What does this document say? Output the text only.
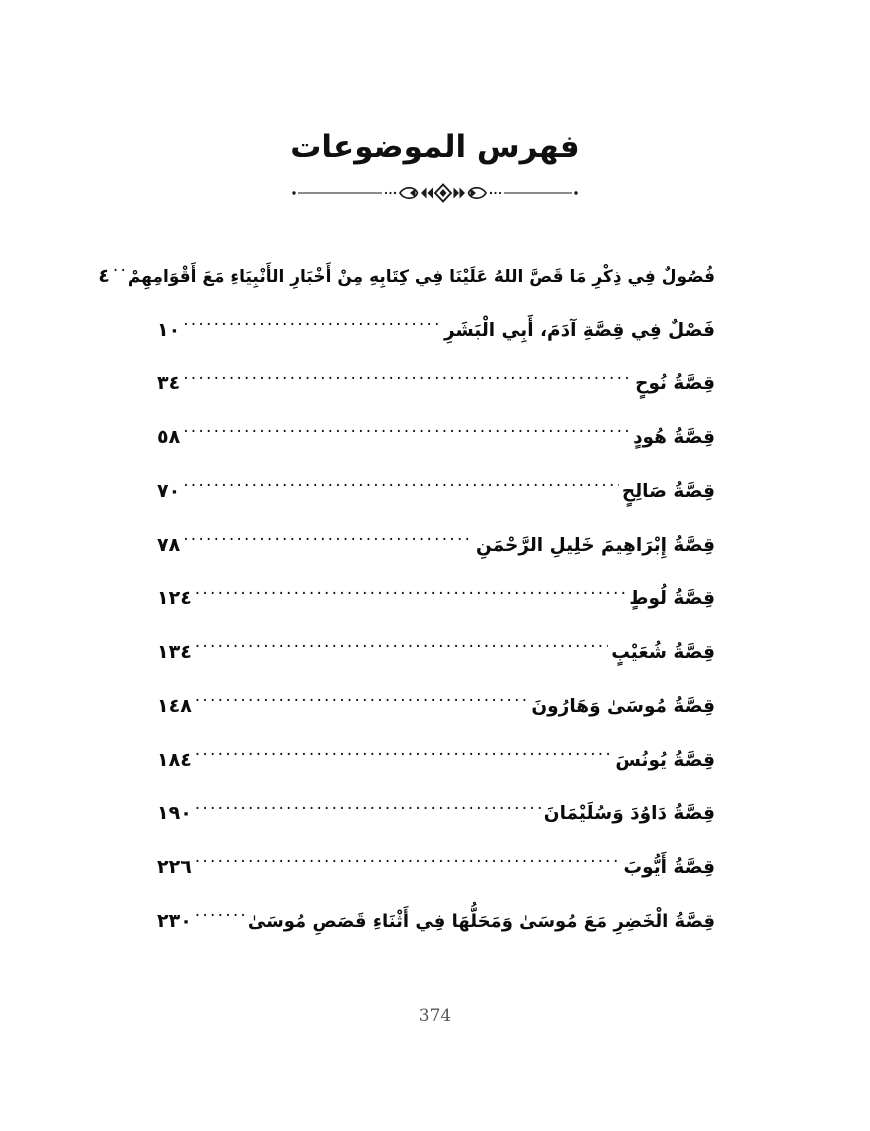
فهرس الموضوعات
فُصُولٌ فِي ذِكْرِ مَا قَصَّ اللهُ عَلَيْنَا فِي كِتَابِهِ مِنْ أَخْبَارِ الأَنْبِيَاءِ مَعَ أَقْوَامِهِمْ
.....
٤
فَصْلٌ فِي قِصَّةِ آدَمَ، أَبِي الْبَشَرِ
.....
١٠
قِصَّةُ نُوحٍ
.....
٣٤
قِصَّةُ هُودٍ
.....
٥٨
قِصَّةُ صَالِحٍ
.....
٧٠
قِصَّةُ إِبْرَاهِيمَ خَلِيلِ الرَّحْمَنِ
.....
٧٨
قِصَّةُ لُوطٍ
.....
١٢٤
قِصَّةُ شُعَيْبٍ
.....
١٣٤
قِصَّةُ مُوسَىٰ وَهَارُونَ
.....
١٤٨
قِصَّةُ يُونُسَ
.....
١٨٤
قِصَّةُ دَاوُدَ وَسُلَيْمَانَ
.....
١٩٠
قِصَّةُ أَيُّوبَ
.....
٢٢٦
قِصَّةُ الْخَضِرِ مَعَ مُوسَىٰ وَمَحَلُّهَا فِي أَثْنَاءِ قَصَصِ مُوسَىٰ
.....
٢٣٠
374
